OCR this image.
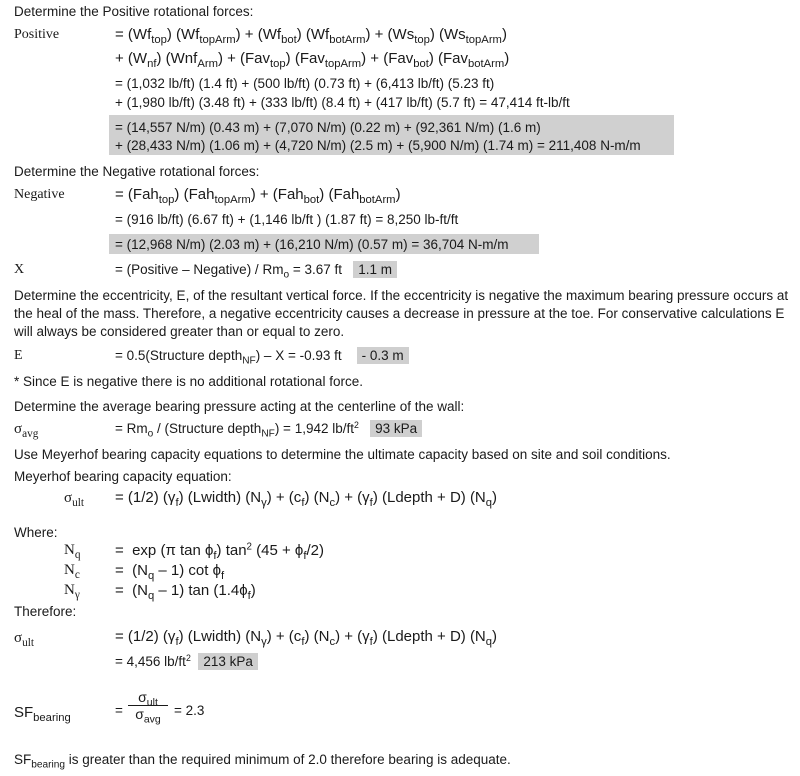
Determine the Positive rotational forces:
Positive	= $(Wf_{top}) (Wf_{topArm}) + (Wf_{bot}) (Wf_{botArm}) + (Ws_{top})$ $(Ws_{topArm})$
+ $(W_{nf}) (Wnf_{Arm}) + (Fav_{top}) (Fav_{topArm}) + (Fav_{bot})$ (Fav$_{botArm}$)
= (1,032 lb/ft) (1.4 ft) + (500 lb/ft) (0.73 ft) + (6,413 lb/ft) (5.23 ft)
+ (1,980 lb/ft) (3.48 ft) + (333 lb/ft) (8.4 ft) + (417 lb/ft) (5.7 ft) = 47,414 ft-lb/ft
= (14,557 N/m) (0.43 m) + (7,070 N/m) (0.22 m) + (92,361 N/m) (1.6 m)
+ (28,433 N/m) (1.06 m) + (4,720 N/m) (2.5 m) + (5,900 N/m) (1.74 m) = 211,408 N-m/m
Determine the Negative rotational forces:
Negative	= (Fah$_{top}$) (Fah$_{topArm}$) + (Fah$_{bot}$) (Fah$_{botArm}$)
= (916 lb/ft) (6.67 ft) + (1,146 lb/ft ) (1.87 ft) = 8,250 lb-ft/ft
= (12,968 N/m) (2.03 m) + (16,210 N/m) (0.57 m) = 36,704 N-m/m
X	= (Positive – Negative) / $Rm_o = 3.67$ ft 1.1 m
Determine the eccentricity, E, of the resultant vertical force. If the eccentricity is negative the maximum bearing pressure occurs at
the heal of the mass. Therefore, a negative eccentricity causes a decrease in pressure at the toe. For conservative calculations E
will always be considered greater than or equal to zero.
E	= 0.5(Structure depth$_{NF}$) – X = -0.93 ft - 0.3 m
* Since E is negative there is no additional rotational force.
Determine the average bearing pressure acting at the centerline of the wall:
$\sigma_{avg}$	= $Rm_o$ / (Structure depth$_{NF}$) = 1,942 $lb/ft^2$ 93 kPa
Use Meyerhof bearing capacity equations to determine the ultimate capacity based on site and soil conditions.
Meyerhof bearing capacity equation:
$\sigma_{ult} = (1/2)$ $(\gamma_f)$ (Lwidth) $(N_\gamma) + (c_f) (N_c) + (\gamma_f)$ (Ldepth + D) $(N_q)$
Where:
$N_q = \exp (\pi$ $\tan \phi_f$) $\tan^2 (45 + \phi_f/2)$
$N_c = (N_q - 1)$ $\cot \phi_f$
$N_\gamma = (N_q - 1)$ $\tan (1.4\phi_f)$
Therefore:
$\sigma_{ult}$	= (1/2) $(\gamma_f)$ (Lwidth) $(N_\gamma) + (c_f) (N_c) + (\gamma_f)$ (Ldepth + D) $(N_q)$
= 4,456 $lb/ft^2$ 213 kPa
$SF_{bearing}$	=
$\sigma_{ult}$
$\sigma_{avg}$
= 2.3
$SF_{bearing}$ is greater than the required minimum of 2.0 therefore bearing is adequate.
